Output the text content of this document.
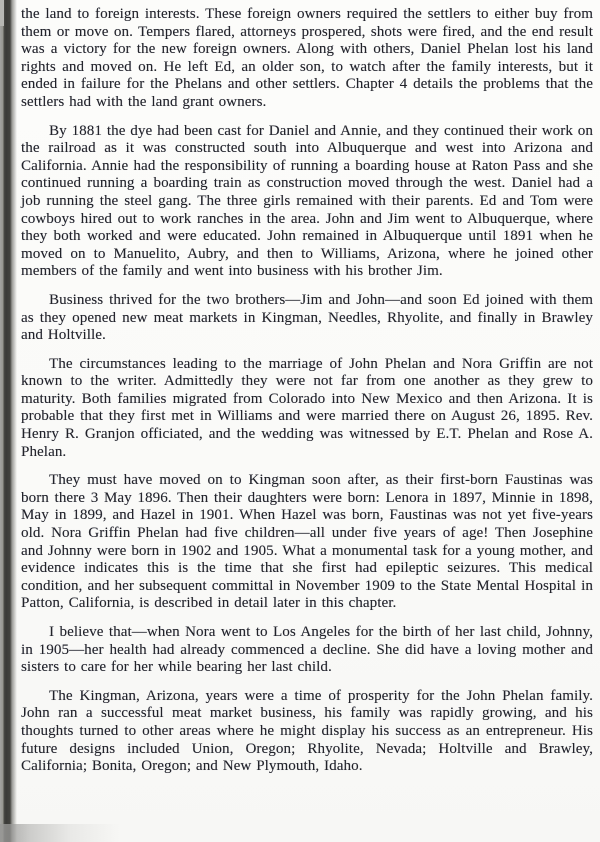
the land to foreign interests. These foreign owners required the settlers to either buy from them or move on. Tempers flared, attorneys prospered, shots were fired, and the end result was a victory for the new foreign owners. Along with others, Daniel Phelan lost his land rights and moved on. He left Ed, an older son, to watch after the family interests, but it ended in failure for the Phelans and other settlers. Chapter 4 details the problems that the settlers had with the land grant owners.

By 1881 the dye had been cast for Daniel and Annie, and they continued their work on the railroad as it was constructed south into Albuquerque and west into Arizona and California. Annie had the responsibility of running a boarding house at Raton Pass and she continued running a boarding train as construction moved through the west. Daniel had a job running the steel gang. The three girls remained with their parents. Ed and Tom were cowboys hired out to work ranches in the area. John and Jim went to Albuquerque, where they both worked and were educated. John remained in Albuquerque until 1891 when he moved on to Manuelito, Aubry, and then to Williams, Arizona, where he joined other members of the family and went into business with his brother Jim.

Business thrived for the two brothers—Jim and John—and soon Ed joined with them as they opened new meat markets in Kingman, Needles, Rhyolite, and finally in Brawley and Holtville.

The circumstances leading to the marriage of John Phelan and Nora Griffin are not known to the writer. Admittedly they were not far from one another as they grew to maturity. Both families migrated from Colorado into New Mexico and then Arizona. It is probable that they first met in Williams and were married there on August 26, 1895. Rev. Henry R. Granjon officiated, and the wedding was witnessed by E.T. Phelan and Rose A. Phelan.

They must have moved on to Kingman soon after, as their first-born Faustinas was born there 3 May 1896. Then their daughters were born: Lenora in 1897, Minnie in 1898, May in 1899, and Hazel in 1901. When Hazel was born, Faustinas was not yet five-years old. Nora Griffin Phelan had five children—all under five years of age! Then Josephine and Johnny were born in 1902 and 1905. What a monumental task for a young mother, and evidence indicates this is the time that she first had epileptic seizures. This medical condition, and her subsequent committal in November 1909 to the State Mental Hospital in Patton, California, is described in detail later in this chapter.

I believe that—when Nora went to Los Angeles for the birth of her last child, Johnny, in 1905—her health had already commenced a decline. She did have a loving mother and sisters to care for her while bearing her last child.

The Kingman, Arizona, years were a time of prosperity for the John Phelan family. John ran a successful meat market business, his family was rapidly growing, and his thoughts turned to other areas where he might display his success as an entrepreneur. His future designs included Union, Oregon; Rhyolite, Nevada; Holtville and Brawley, California; Bonita, Oregon; and New Plymouth, Idaho.
